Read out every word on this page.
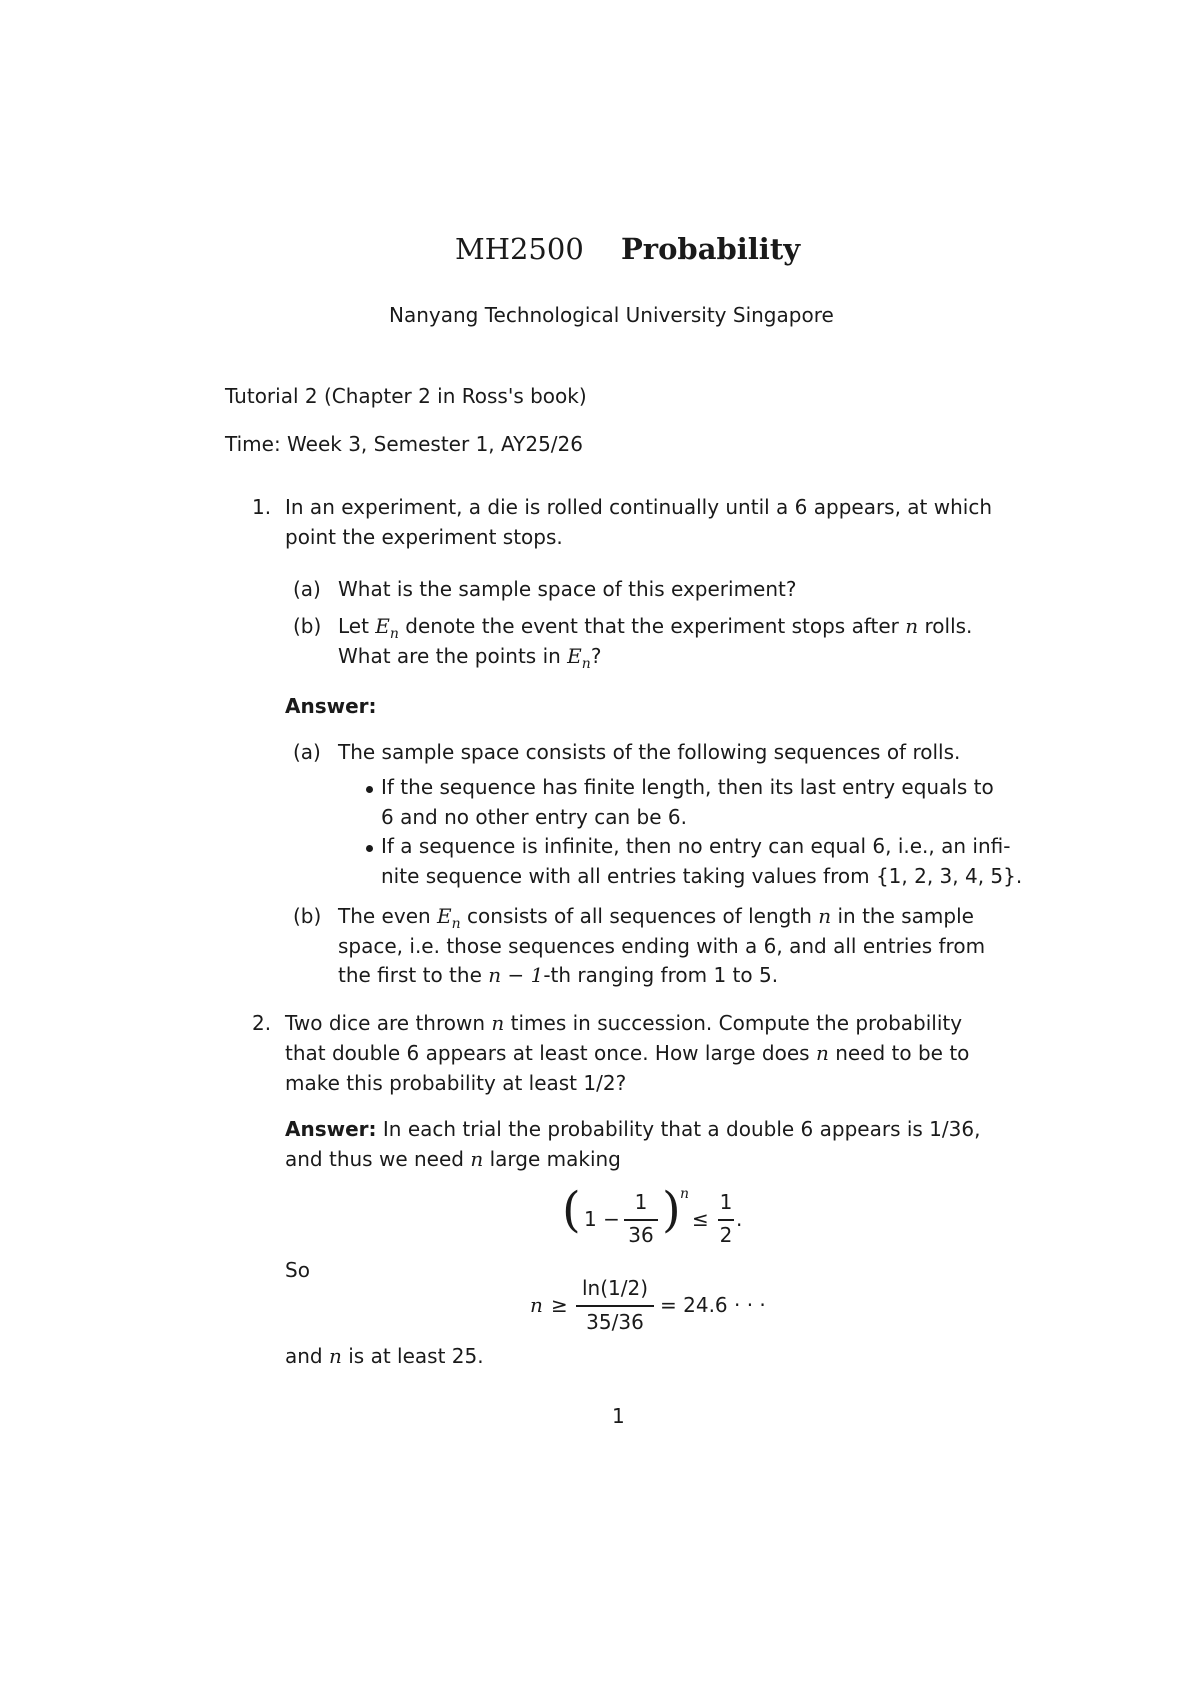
MH2500 Probability
Nanyang Technological University Singapore
Tutorial 2 (Chapter 2 in Ross's book)
Time: Week 3, Semester 1, AY25/26
1. In an experiment, a die is rolled continually until a 6 appears, at which
point the experiment stops.
(a) What is the sample space of this experiment?
(b) Let $E_n$ denote the event that the experiment stops after n rolls.
What are the points in $E_n$?
Answer:
(a) The sample space consists of the following sequences of rolls.
If the sequence has finite length, then its last entry equals to
6 and no other entry can be 6.
If a sequence is infinite, then no entry can equal 6, i.e., an infi-
nite sequence with all entries taking values from {1, 2, 3, 4, 5}.
(b) The even $E_n$ consists of all sequences of length n in the sample
space, i.e. those sequences ending with a 6, and all entries from
the first to the n − 1-th ranging from 1 to 5.
2. Two dice are thrown n times in succession. Compute the probability
that double 6 appears at least once. How large does n need to be to
make this probability at least 1/2?
Answer: In each trial the probability that a double 6 appears is 1/36,
and thus we need n large making
( 1 −
1
36 ) n
≤
1
2
.
So
n ≥
ln(1/2)
35/36
= 24.6 · · ·
and n is at least 25.
1
